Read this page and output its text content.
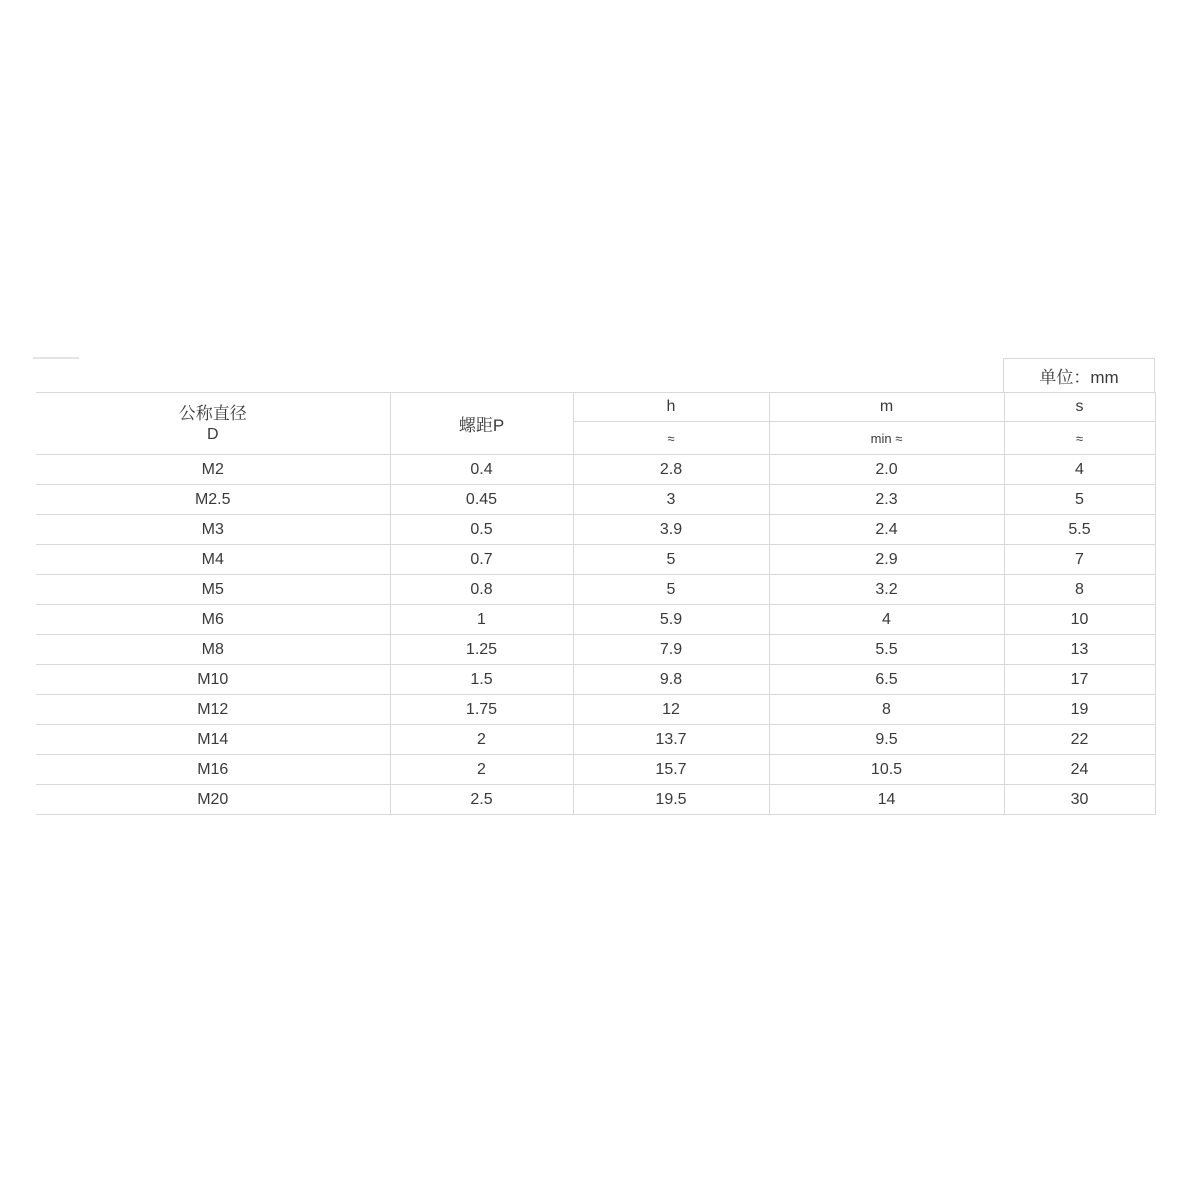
单位：mm
公称直径
D	螺距P	h	m	s
		≈	min ≈	≈
M2	0.4	2.8	2.0	4
M2.5	0.45	3	2.3	5
M3	0.5	3.9	2.4	5.5
M4	0.7	5	2.9	7
M5	0.8	5	3.2	8
M6	1	5.9	4	10
M8	1.25	7.9	5.5	13
M10	1.5	9.8	6.5	17
M12	1.75	12	8	19
M14	2	13.7	9.5	22
M16	2	15.7	10.5	24
M20	2.5	19.5	14	30
